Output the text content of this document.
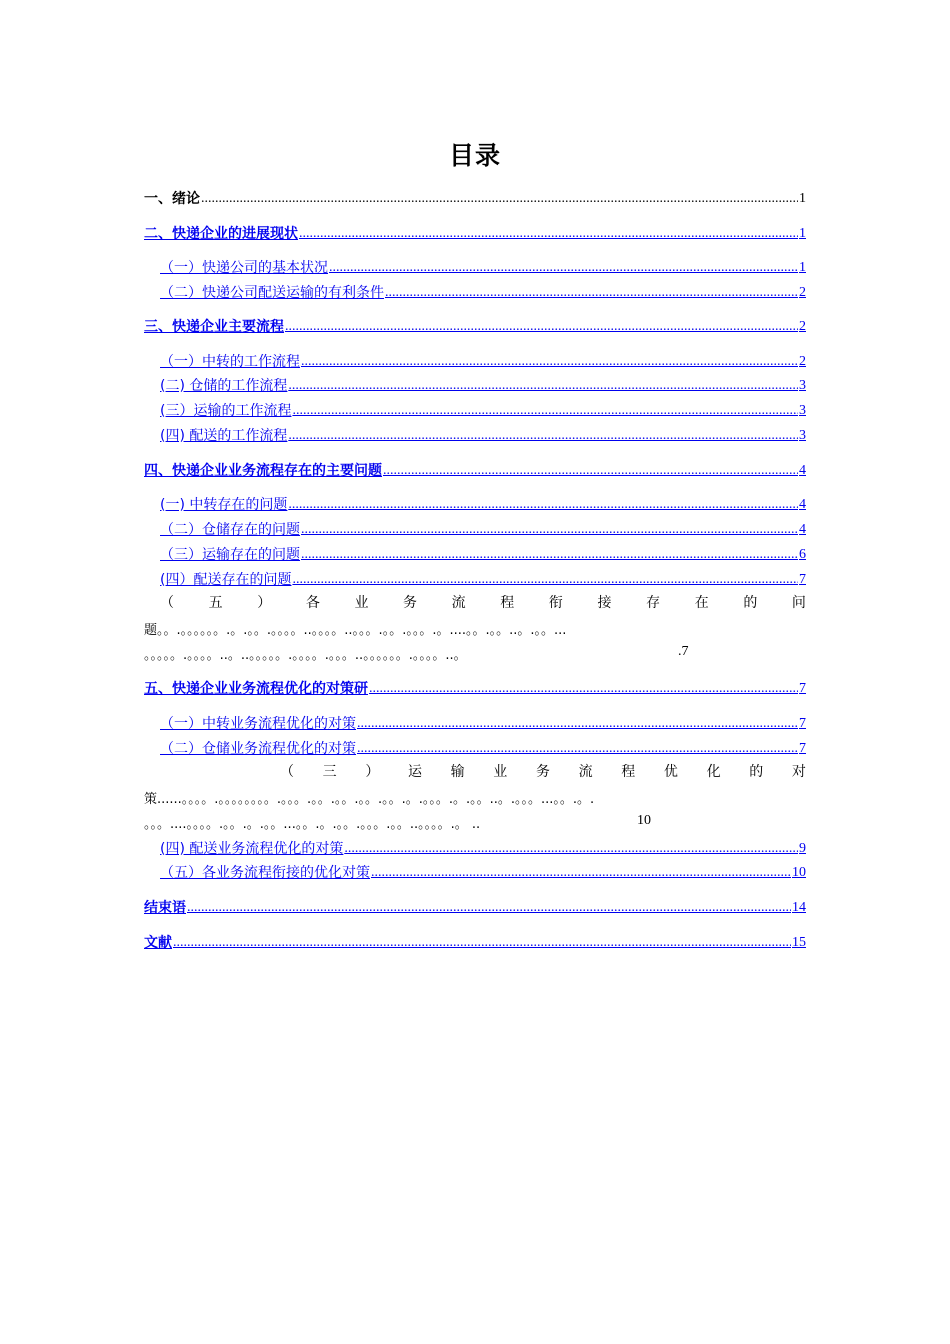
目录
一、绪论 .....	1
二、快递企业的进展现状 .....	1
（一）快递公司的基本状况 .....	1
（二）快递公司配送运输的有利条件 .....	2
三、快递企业主要流程 .....	2
（一）中转的工作流程 .....	2
(二) 仓储的工作流程 .....	3
(三）运输的工作流程 .....	3
(四) 配送的工作流程 .....	3
四、快递企业业务流程存在的主要问题 .....	4
(一) 中转存在的问题 .....	4
（二）仓储存在的问题 .....	4
（三）运输存在的问题 .....	6
(四）配送存在的问题 .....	7
（ 五 ） 各 业 务 流 程 衔 接 存 在 的 问
题。。.。。。。。。.。.。。.。。。。..。。。。..。。。.。。.。。。.。....。。.。。..。.。。...
。。。。。.。。。。..。..。。。。。.。。。。.。。。..。。。。。。.。。。。..。	.7
五、快递企业业务流程优化的对策研 .....	7
（一）中转业务流程优化的对策 .....	7
（二）仓储业务流程优化的对策 .....	7
（ 三 ） 运 输 业 务 流 程 优 化 的 对
策......。。。。.。。。。。。。。.。。。.。。.。。.。。.。。.。.。。。.。.。。..。.。。。...。。.。.
。。。....。。。。.。。.。.。。...。。.。.。。.。。。.。。..。。。。.。 ..	10
(四) 配送业务流程优化的对策 .....	9
（五）各业务流程衔接的优化对策 .....	10
结束语 .....	14
文献 .....	15
